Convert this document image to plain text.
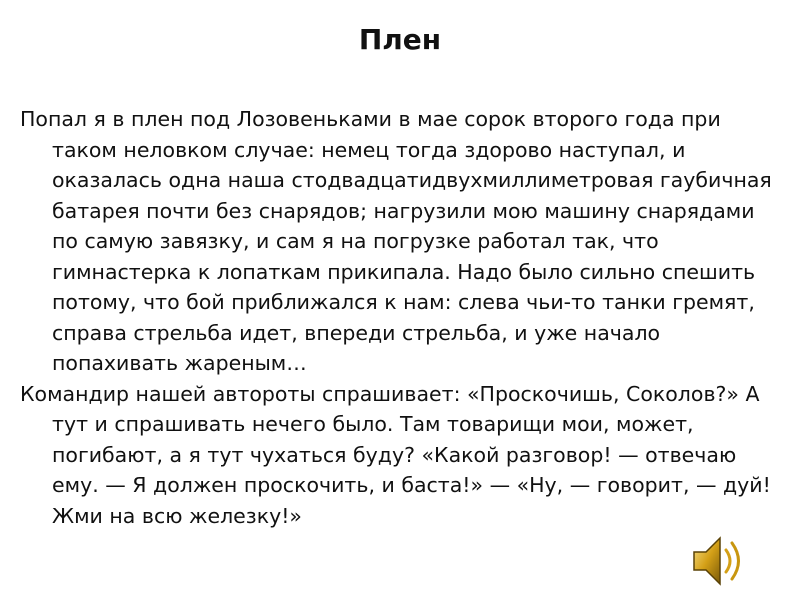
Плен

Попал я в плен под Лозовеньками в мае сорок второго года при таком неловком случае: немец тогда здорово наступал, и оказалась одна наша стодвадцатидвухмиллиметровая гаубичная батарея почти без снарядов; нагрузили мою машину снарядами по самую завязку, и сам я на погрузке работал так, что гимнастерка к лопаткам прикипала. Надо было сильно спешить потому, что бой приближался к нам: слева чьи-то танки гремят, справа стрельба идет, впереди стрельба, и уже начало попахивать жареным…

Командир нашей автороты спрашивает: «Проскочишь, Соколов?» А тут и спрашивать нечего было. Там товарищи мои, может, погибают, а я тут чухаться буду? «Какой разговор! — отвечаю ему. — Я должен проскочить, и баста!» — «Ну, — говорит, — дуй! Жми на всю железку!»
